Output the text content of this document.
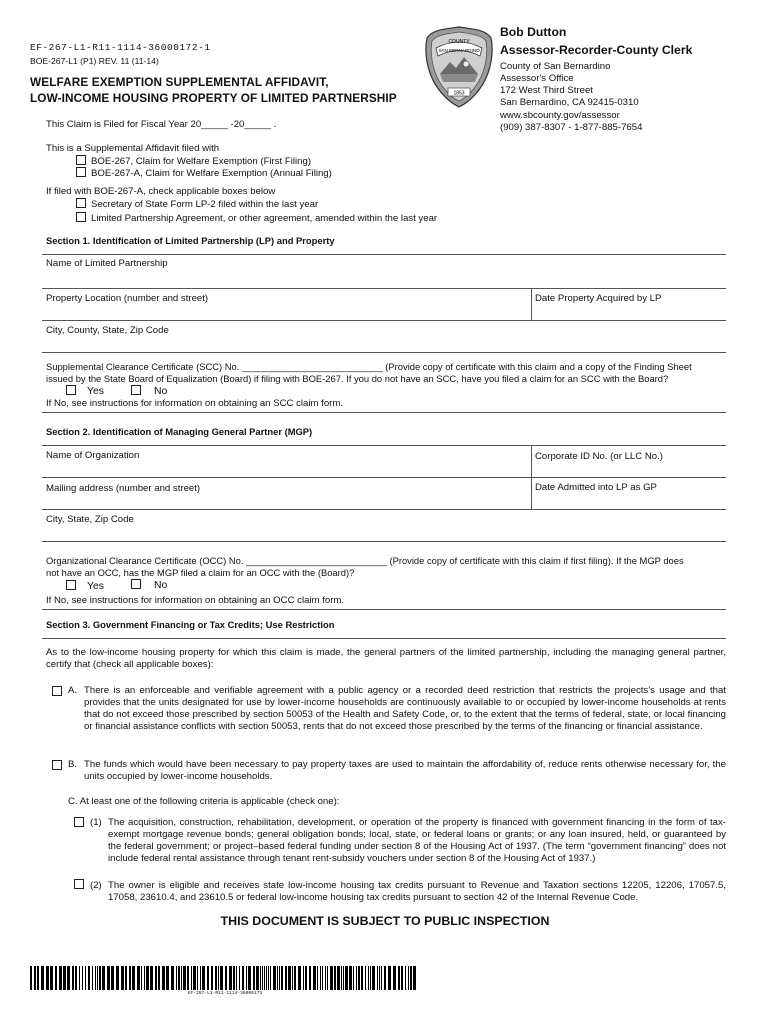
EF-267-L1-R11-1114-36000172-1
BOE-267-L1 (P1) REV. 11 (11-14)
WELFARE EXEMPTION SUPPLEMENTAL AFFIDAVIT,
LOW-INCOME HOUSING PROPERTY OF LIMITED PARTNERSHIP
This Claim is Filed for Fiscal Year 20_____ -20_____ .
COUNTY
SAN BERNARDINO
1853
Bob Dutton
Assessor-Recorder-County Clerk
County of San Bernardino
Assessor's Office
172 West Third Street
San Bernardino, CA 92415-0310
www.sbcounty.gov/assessor
(909) 387-8307 - 1-877-885-7654
This is a Supplemental Affidavit filed with
BOE-267, Claim for Welfare Exemption (First Filing)
BOE-267-A, Claim for Welfare Exemption (Annual Filing)
If filed with BOE-267-A, check applicable boxes below
Secretary of State Form LP-2 filed within the last year
Limited Partnership Agreement, or other agreement, amended within the last year
Section 1. Identification of Limited Partnership (LP) and Property
Name of Limited Partnership
Property Location (number and street)	Date Property Acquired by LP
City, County, State, Zip Code
Supplemental Clearance Certificate (SCC) No. ___________________________ (Provide copy of certificate with this claim and a copy of the Finding Sheet
issued by the State Board of Equalization (Board) if filing with BOE-267. If you do not have an SCC, have you filed a claim for an SCC with the Board?
Yes	No
If No, see instructions for information on obtaining an SCC claim form.
Section 2. Identification of Managing General Partner (MGP)
Name of Organization	Corporate ID No. (or LLC No.)
Mailing address (number and street)	Date Admitted into LP as GP
City, State, Zip Code
Organizational Clearance Certificate (OCC) No. ___________________________ (Provide copy of certificate with this claim if first filing). If the MGP does
not have an OCC, has the MGP filed a claim for an OCC with the (Board)?
Yes	No
If No, see instructions for information on obtaining an OCC claim form.
Section 3. Government Financing or Tax Credits; Use Restriction
As to the low-income housing property for which this claim is made, the general partners of the limited partnership, including the managing general partner, certify that (check all applicable boxes):
A. There is an enforceable and verifiable agreement with a public agency or a recorded deed restriction that restricts the projects’s usage and that provides that the units designated for use by lower-income households are continuously available to or occupied by lower-income households at rents that do not exceed those prescribed by section 50053 of the Health and Safety Code, or, to the extent that the terms of federal, state, or local financing or financial assistance conflicts with section 50053, rents that do not exceed those prescribed by the terms of the financing or financial assistance.
B. The funds which would have been necessary to pay property taxes are used to maintain the affordability of, reduce rents otherwise necessary for, the units occupied by lower-income households.
C. At least one of the following criteria is applicable (check one):
(1) The acquisition, construction, rehabilitation, development, or operation of the property is financed with government financing in the form of tax-exempt mortgage revenue bonds; general obligation bonds; local, state, or federal loans or grants; or any loan insured, held, or guaranteed by the federal government; or project–based federal funding under section 8 of the Housing Act of 1937. (The term “government financing” does not include federal rental assistance through tenant rent-subsidy vouchers under section 8 of the Housing Act of 1937.)
(2) The owner is eligible and receives state low-income housing tax credits pursuant to Revenue and Taxation sections 12205, 12206, 17057.5, 17058, 23610.4, and 23610.5 or federal low-income housing tax credits pursuant to section 42 of the Internal Revenue Code.
THIS DOCUMENT IS SUBJECT TO PUBLIC INSPECTION
EF-267-L1-R11-1114-36000172
